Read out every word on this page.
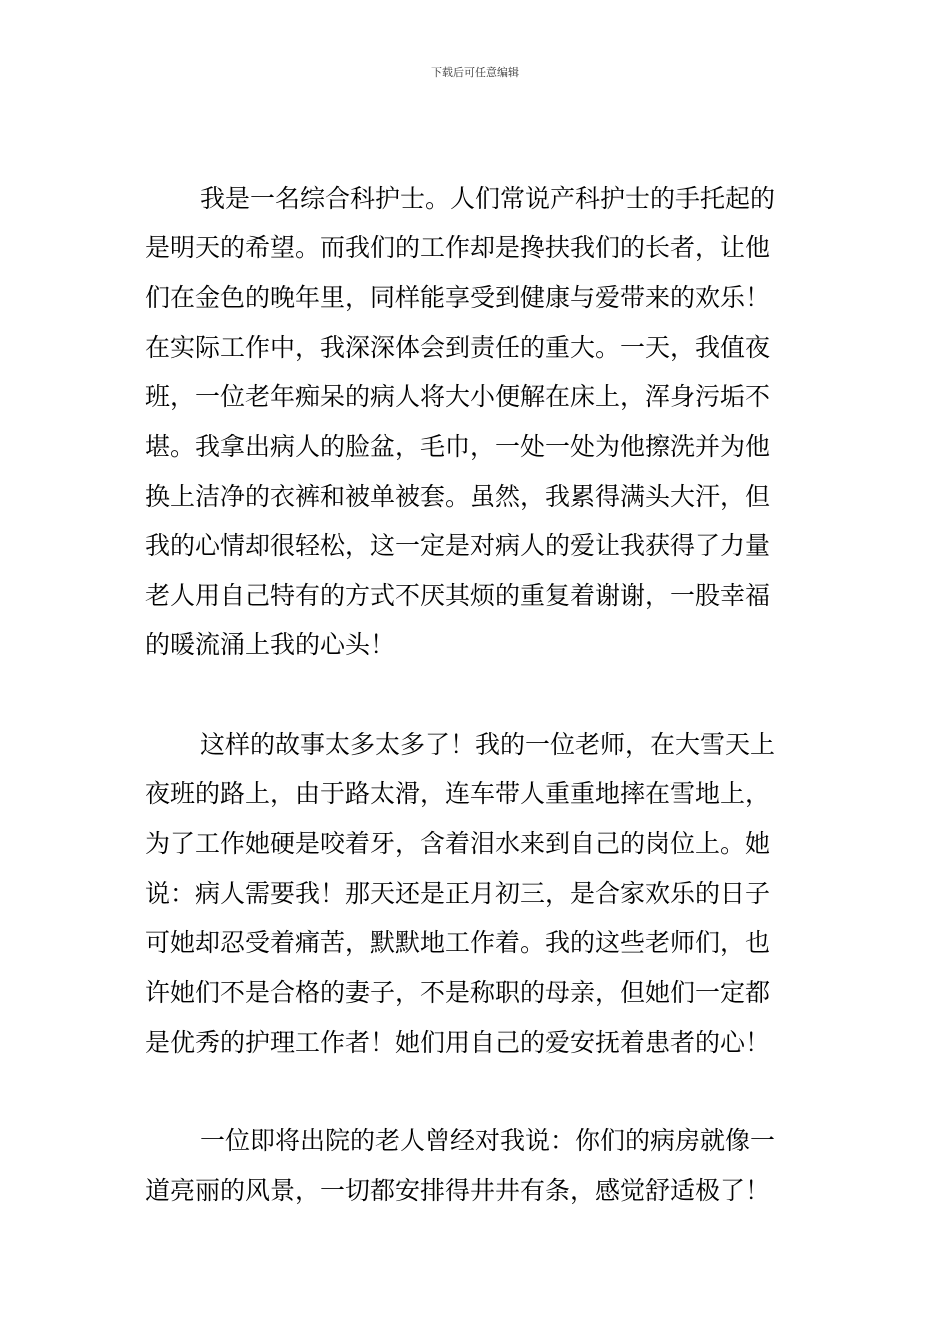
下载后可任意编辑
我是一名综合科护士。人们常说产科护士的手托起的
是明天的希望。而我们的工作却是搀扶我们的长者，让他
们在金色的晚年里，同样能享受到健康与爱带来的欢乐！
在实际工作中，我深深体会到责任的重大。一天，我值夜
班，一位老年痴呆的病人将大小便解在床上，浑身污垢不
堪。我拿出病人的脸盆，毛巾，一处一处为他擦洗并为他
换上洁净的衣裤和被单被套。虽然，我累得满头大汗，但
我的心情却很轻松，这一定是对病人的爱让我获得了力量
老人用自己特有的方式不厌其烦的重复着谢谢，一股幸福
的暖流涌上我的心头！
这样的故事太多太多了！我的一位老师，在大雪天上
夜班的路上，由于路太滑，连车带人重重地摔在雪地上，
为了工作她硬是咬着牙，含着泪水来到自己的岗位上。她
说：病人需要我！那天还是正月初三，是合家欢乐的日子
可她却忍受着痛苦，默默地工作着。我的这些老师们，也
许她们不是合格的妻子，不是称职的母亲，但她们一定都
是优秀的护理工作者！她们用自己的爱安抚着患者的心！
一位即将出院的老人曾经对我说：你们的病房就像一
道亮丽的风景，一切都安排得井井有条，感觉舒适极了！
